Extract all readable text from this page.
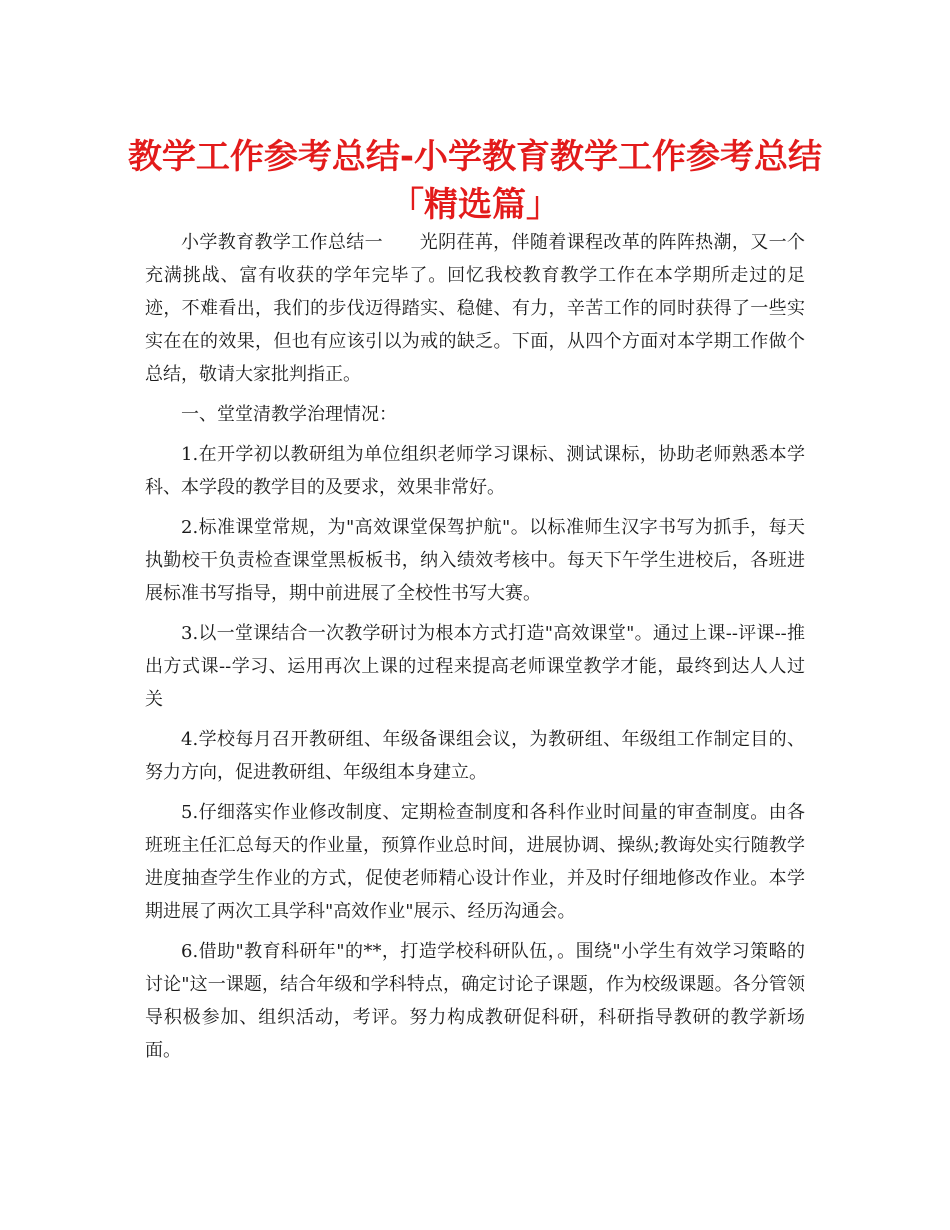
教学工作参考总结-小学教育教学工作参考总结「精选篇」

小学教育教学工作总结一　　光阴荏苒，伴随着课程改革的阵阵热潮，又一个充满挑战、富有收获的学年完毕了。回忆我校教育教学工作在本学期所走过的足迹，不难看出，我们的步伐迈得踏实、稳健、有力，辛苦工作的同时获得了一些实实在在的效果，但也有应该引以为戒的缺乏。下面，从四个方面对本学期工作做个总结，敬请大家批判指正。

一、堂堂清教学治理情况：

1.在开学初以教研组为单位组织老师学习课标、测试课标，协助老师熟悉本学科、本学段的教学目的及要求，效果非常好。

2.标准课堂常规，为"高效课堂保驾护航"。以标准师生汉字书写为抓手，每天执勤校干负责检查课堂黑板板书，纳入绩效考核中。每天下午学生进校后，各班进展标准书写指导，期中前进展了全校性书写大赛。

3.以一堂课结合一次教学研讨为根本方式打造"高效课堂"。通过上课--评课--推出方式课--学习、运用再次上课的过程来提高老师课堂教学才能，最终到达人人过关

4.学校每月召开教研组、年级备课组会议，为教研组、年级组工作制定目的、努力方向，促进教研组、年级组本身建立。

5.仔细落实作业修改制度、定期检查制度和各科作业时间量的审查制度。由各班班主任汇总每天的作业量，预算作业总时间，进展协调、操纵;教诲处实行随教学进度抽查学生作业的方式，促使老师精心设计作业，并及时仔细地修改作业。本学期进展了两次工具学科"高效作业"展示、经历沟通会。

6.借助"教育科研年"的**，打造学校科研队伍，。围绕"小学生有效学习策略的讨论"这一课题，结合年级和学科特点，确定讨论子课题，作为校级课题。各分管领导积极参加、组织活动，考评。努力构成教研促科研，科研指导教研的教学新场面。
